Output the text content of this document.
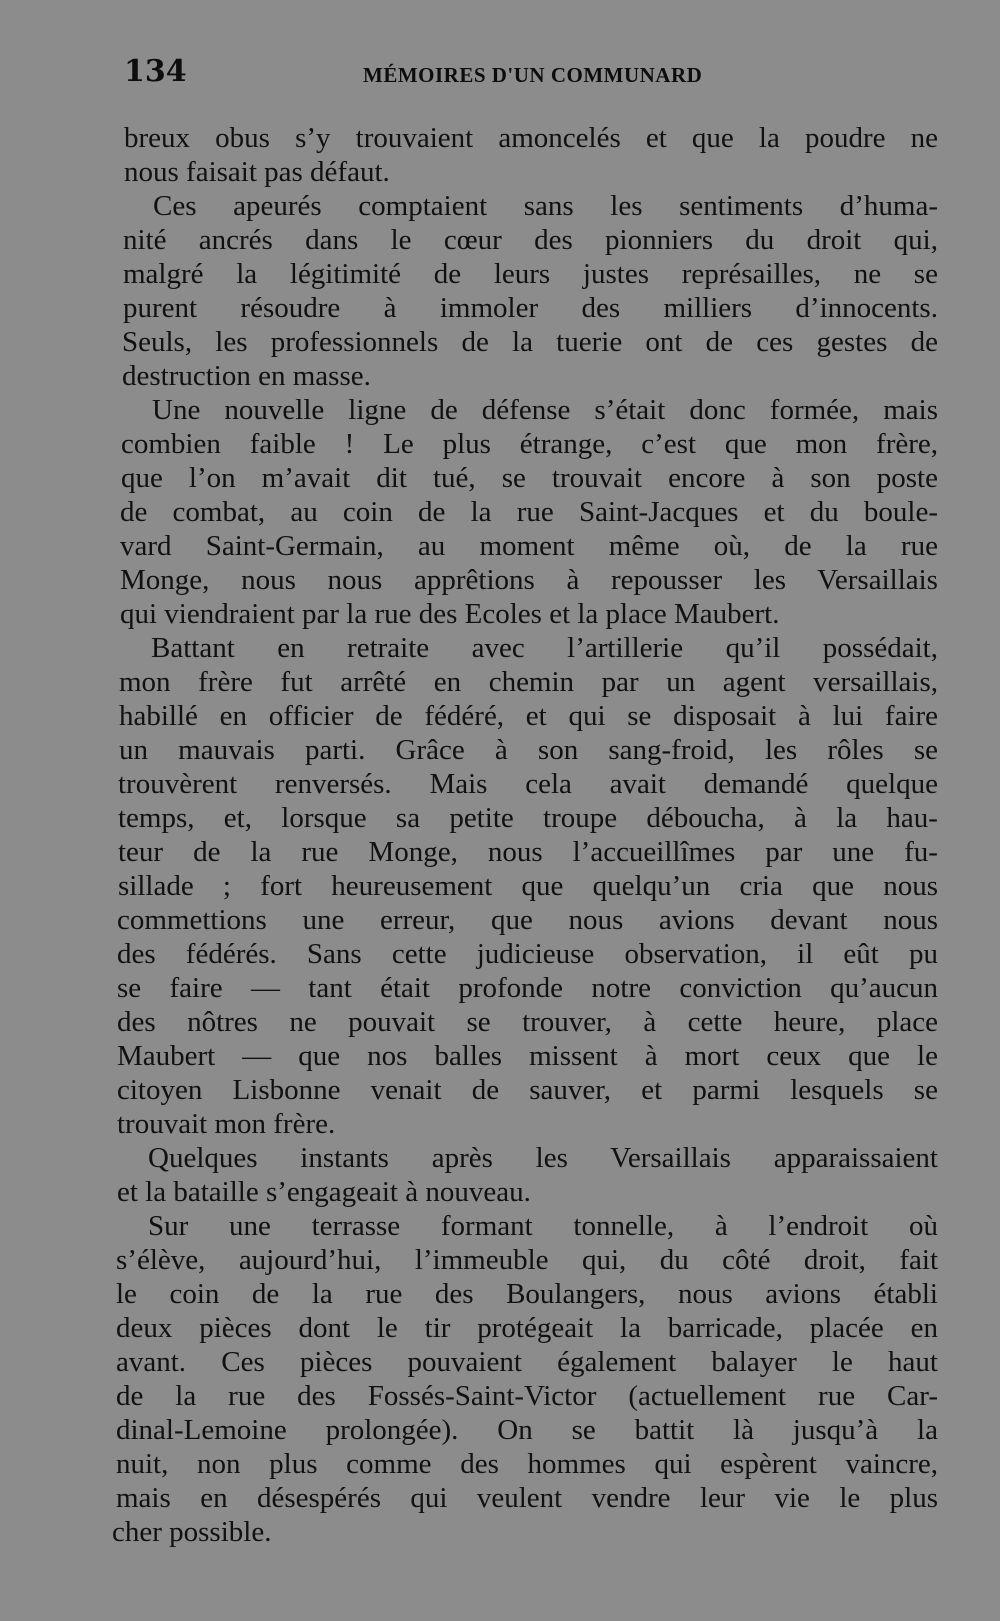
134	MÉMOIRES D'UN COMMUNARD
breux obus s’y trouvaient amoncelés et que la poudre ne
nous faisait pas défaut.
Ces apeurés comptaient sans les sentiments d’huma-
nité ancrés dans le cœur des pionniers du droit qui,
malgré la légitimité de leurs justes représailles, ne se
purent résoudre à immoler des milliers d’innocents.
Seuls, les professionnels de la tuerie ont de ces gestes de
destruction en masse.
Une nouvelle ligne de défense s’était donc formée, mais
combien faible ! Le plus étrange, c’est que mon frère,
que l’on m’avait dit tué, se trouvait encore à son poste
de combat, au coin de la rue Saint-Jacques et du boule-
vard Saint-Germain, au moment même où, de la rue
Monge, nous nous apprêtions à repousser les Versaillais
qui viendraient par la rue des Ecoles et la place Maubert.
Battant en retraite avec l’artillerie qu’il possédait,
mon frère fut arrêté en chemin par un agent versaillais,
habillé en officier de fédéré, et qui se disposait à lui faire
un mauvais parti. Grâce à son sang-froid, les rôles se
trouvèrent renversés. Mais cela avait demandé quelque
temps, et, lorsque sa petite troupe déboucha, à la hau-
teur de la rue Monge, nous l’accueillîmes par une fu-
sillade ; fort heureusement que quelqu’un cria que nous
commettions une erreur, que nous avions devant nous
des fédérés. Sans cette judicieuse observation, il eût pu
se faire — tant était profonde notre conviction qu’aucun
des nôtres ne pouvait se trouver, à cette heure, place
Maubert — que nos balles missent à mort ceux que le
citoyen Lisbonne venait de sauver, et parmi lesquels se
trouvait mon frère.
Quelques instants après les Versaillais apparaissaient
et la bataille s’engageait à nouveau.
Sur une terrasse formant tonnelle, à l’endroit où
s’élève, aujourd’hui, l’immeuble qui, du côté droit, fait
le coin de la rue des Boulangers, nous avions établi
deux pièces dont le tir protégeait la barricade, placée en
avant. Ces pièces pouvaient également balayer le haut
de la rue des Fossés-Saint-Victor (actuellement rue Car-
dinal-Lemoine prolongée). On se battit là jusqu’à la
nuit, non plus comme des hommes qui espèrent vaincre,
mais en désespérés qui veulent vendre leur vie le plus
cher possible.
